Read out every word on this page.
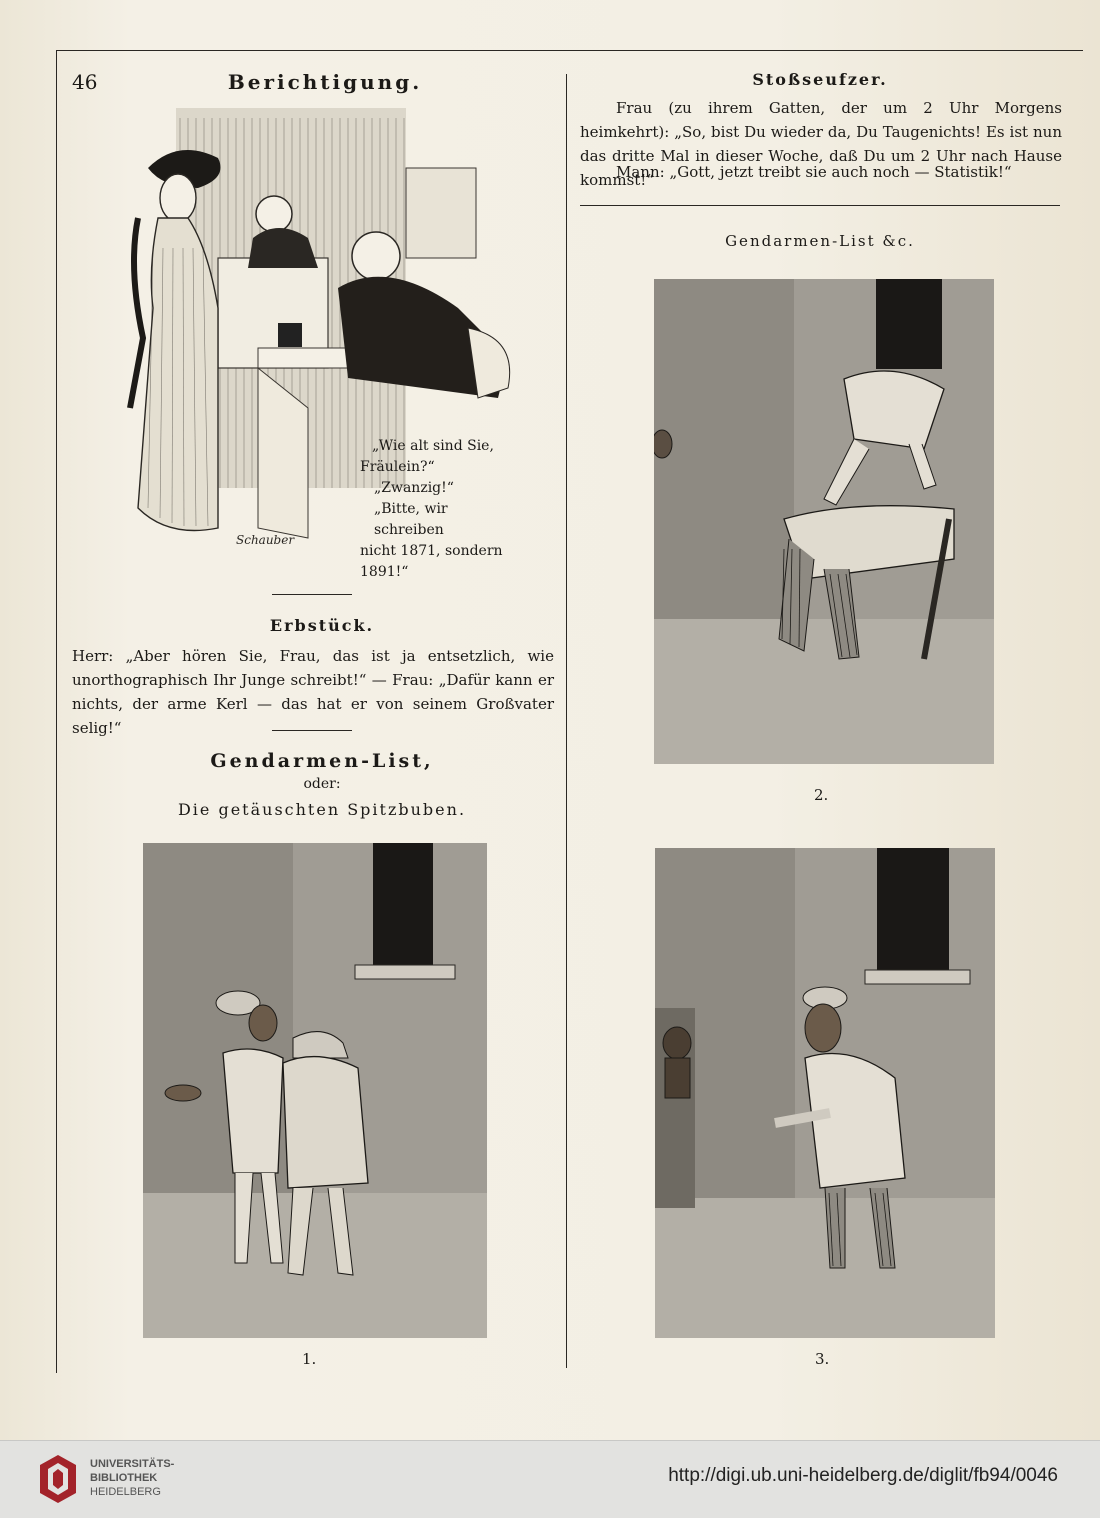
46	Berichtigung.
Schauber
„Wie alt sind Sie,
Fräulein?“
„Zwanzig!“
„Bitte, wir schreiben
nicht 1871, sondern
1891!“
Erbstück.
Herr: „Aber hören Sie, Frau, das ist ja entsetzlich, wie unorthographisch Ihr Junge schreibt!“ — Frau: „Dafür kann er nichts, der arme Kerl — das hat er von seinem Großvater selig!“
Gendarmen-List,
oder:
Die getäuschten Spitzbuben.
1.
Stoßseufzer.
Frau (zu ihrem Gatten, der um 2 Uhr Morgens heimkehrt): „So, bist Du wieder da, Du Taugenichts! Es ist nun das dritte Mal in dieser Woche, daß Du um 2 Uhr nach Hause kommst!“
Mann: „Gott, jetzt treibt sie auch noch — Statistik!“
Gendarmen-List &c.
2.
3.
UNIVERSITÄTS-
BIBLIOTHEK
HEIDELBERG
http://digi.ub.uni-heidelberg.de/diglit/fb94/0046
